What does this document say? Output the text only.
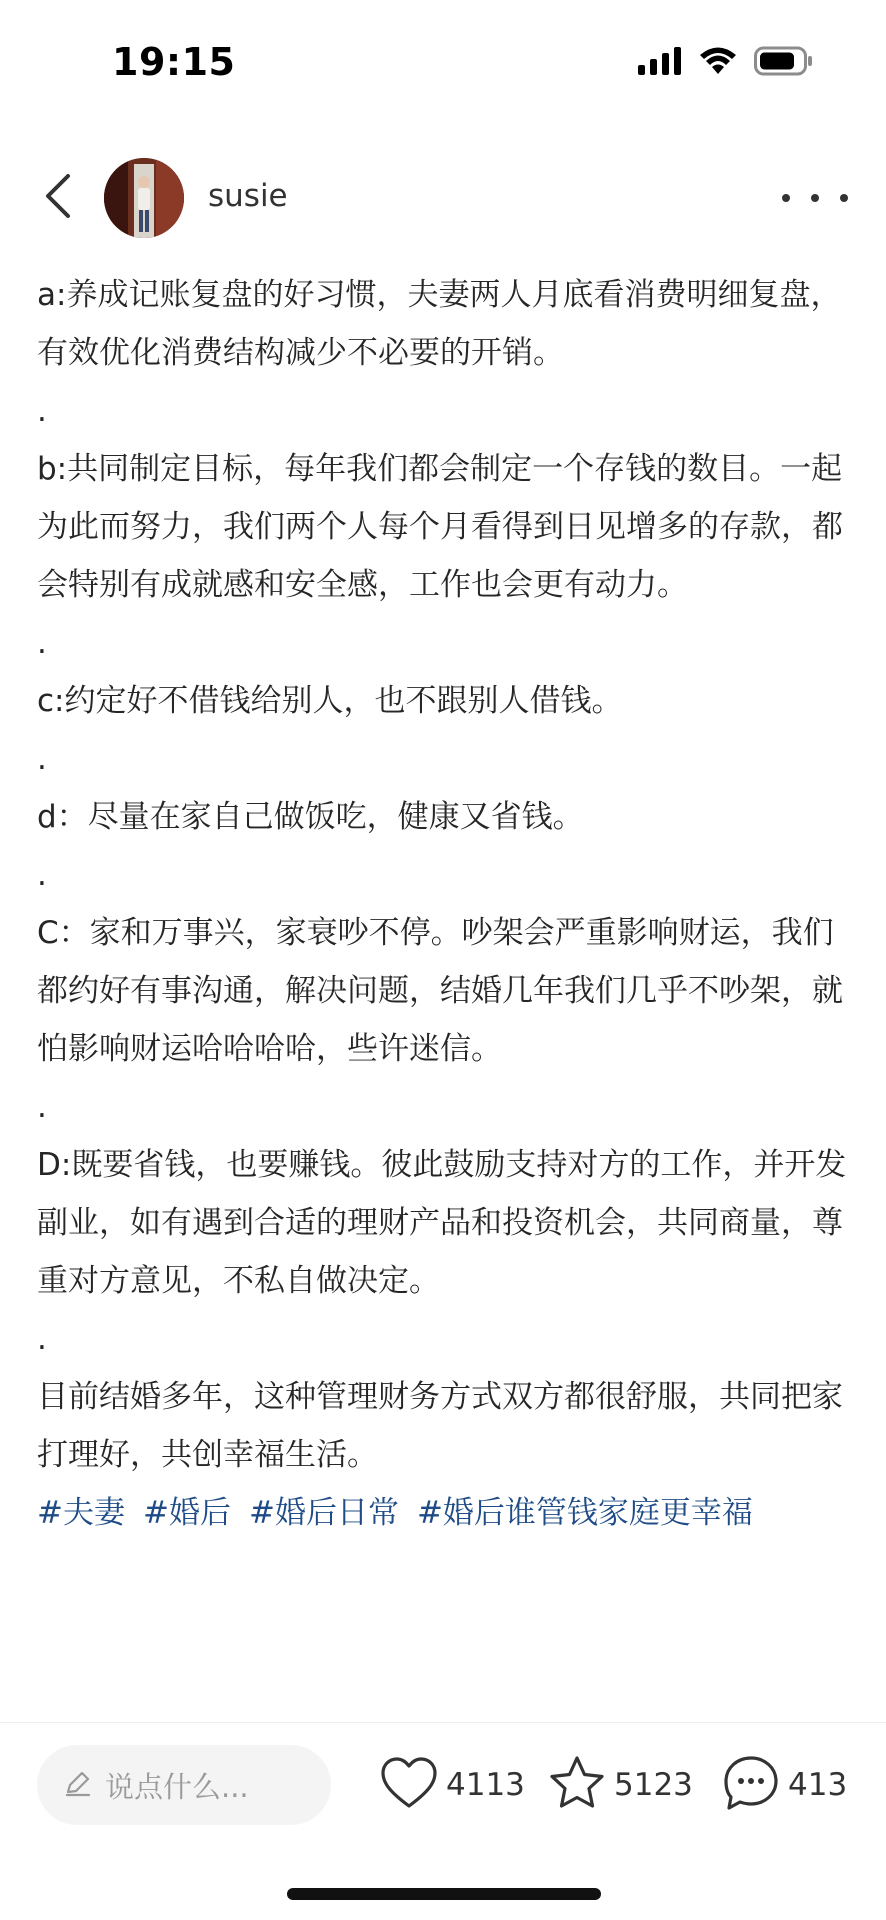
19:15
susie

a:养成记账复盘的好习惯，夫妻两人月底看消费明细复盘，有效优化消费结构减少不必要的开销。

.

b:共同制定目标，每年我们都会制定一个存钱的数目。一起为此而努力，我们两个人每个月看得到日见增多的存款，都会特别有成就感和安全感，工作也会更有动力。

.

c:约定好不借钱给别人，也不跟别人借钱。

.

d：尽量在家自己做饭吃，健康又省钱。

.

C：家和万事兴，家衰吵不停。吵架会严重影响财运，我们都约好有事沟通，解决问题，结婚几年我们几乎不吵架，就怕影响财运哈哈哈哈，些许迷信。

.

D:既要省钱，也要赚钱。彼此鼓励支持对方的工作，并开发副业，如有遇到合适的理财产品和投资机会，共同商量，尊重对方意见，不私自做决定。

.

目前结婚多年，这种管理财务方式双方都很舒服，共同把家打理好，共创幸福生活。

#夫妻 #婚后 #婚后日常 #婚后谁管钱家庭更幸福

说点什么...	4113	5123	413
